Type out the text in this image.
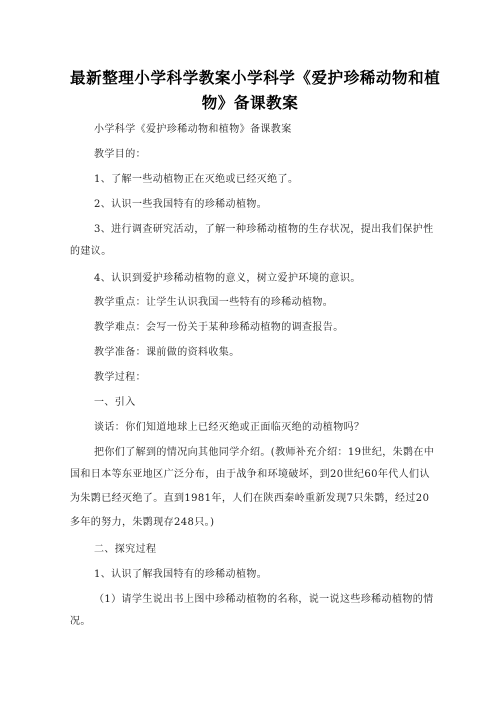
最新整理小学科学教案小学科学《爱护珍稀动物和植
物》备课教案
小学科学《爱护珍稀动物和植物》备课教案
教学目的：
1、了解一些动植物正在灭绝或已经灭绝了。
2、认识一些我国特有的珍稀动植物。
3、进行调查研究活动，了解一种珍稀动植物的生存状况，提出我们保护性
的建议。
4、认识到爱护珍稀动植物的意义，树立爱护环境的意识。
教学重点：让学生认识我国一些特有的珍稀动植物。
教学难点：会写一份关于某种珍稀动植物的调查报告。
教学准备：课前做的资料收集。
教学过程：
一、引入
谈话：你们知道地球上已经灭绝或正面临灭绝的动植物吗？
把你们了解到的情况向其他同学介绍。(教师补充介绍：19世纪，朱鹮在中
国和日本等东亚地区广泛分布，由于战争和环境破坏，到20世纪60年代人们认
为朱鹮已经灭绝了。直到1981年，人们在陕西秦岭重新发现7只朱鹮，经过20
多年的努力，朱鹮现存248只。)
二、探究过程
1、认识了解我国特有的珍稀动植物。
（1）请学生说出书上图中珍稀动植物的名称，说一说这些珍稀动植物的情
况。
